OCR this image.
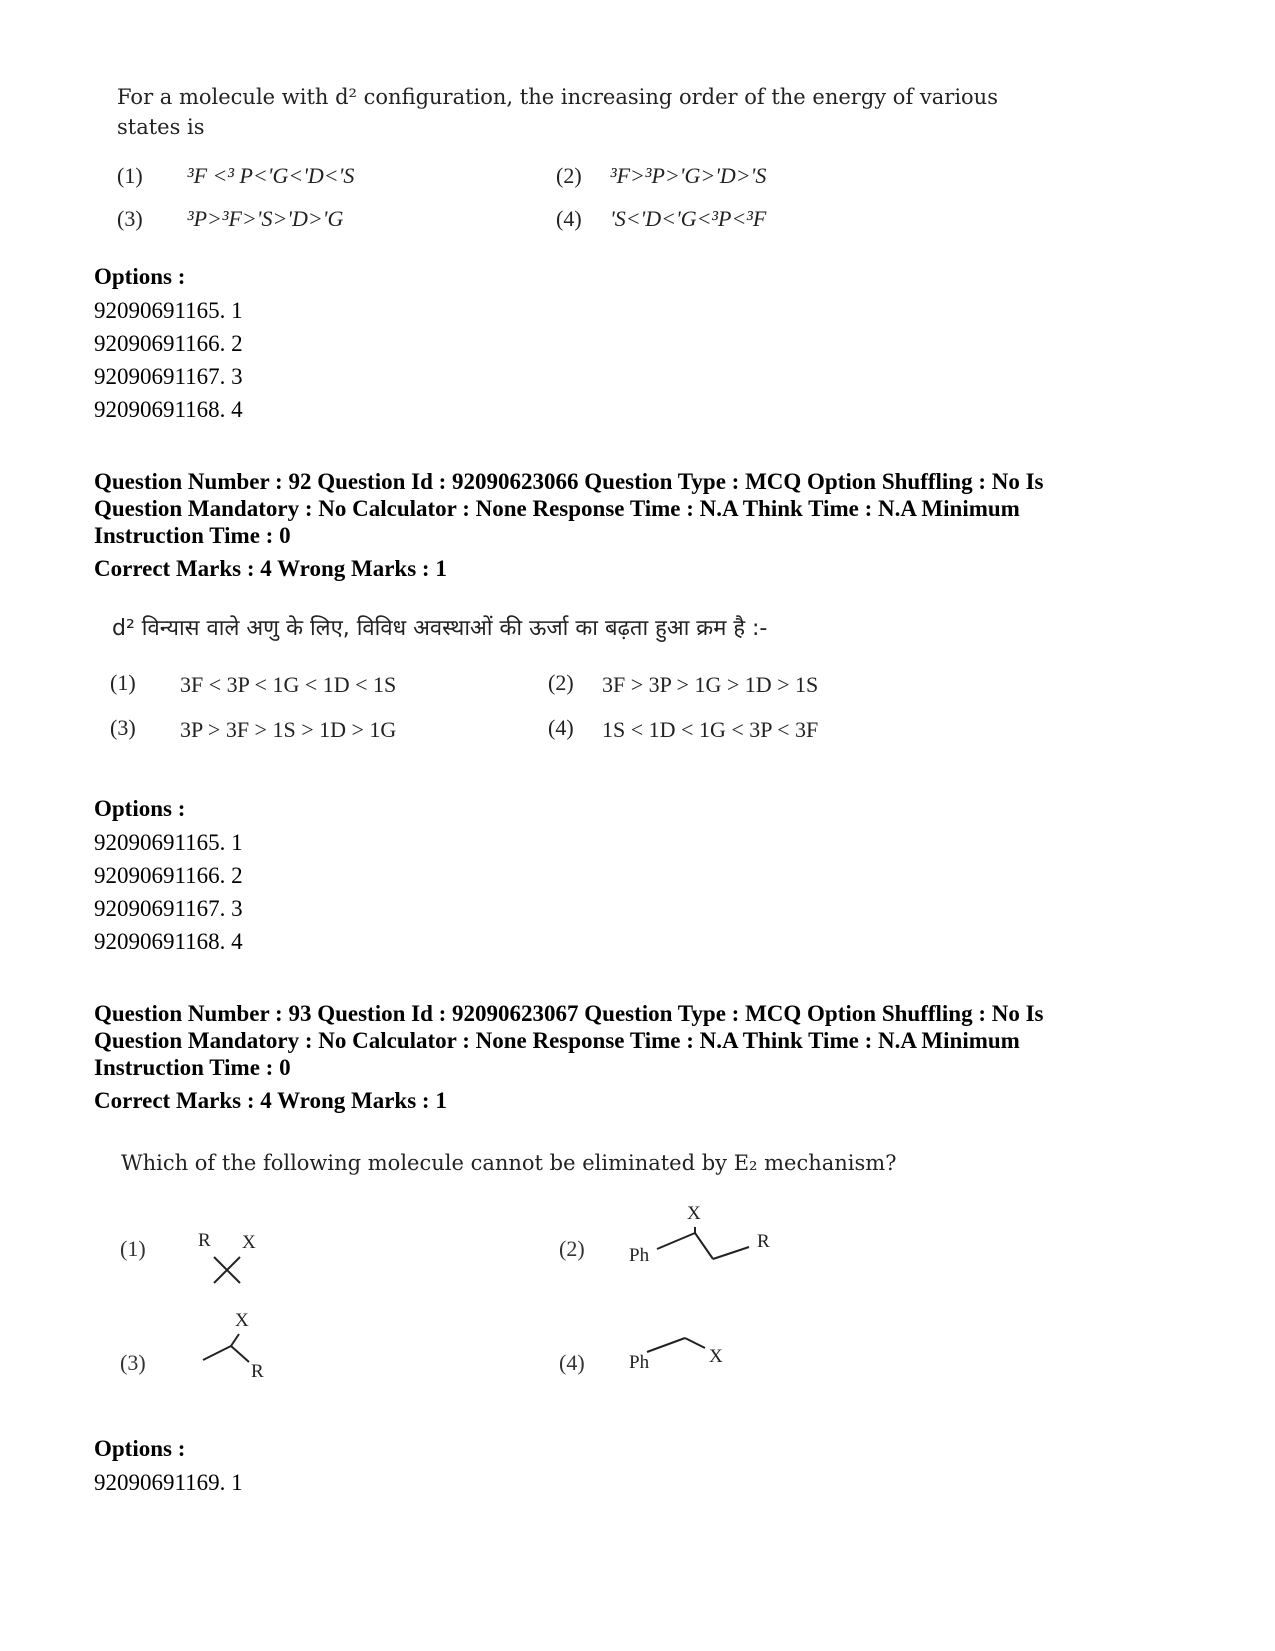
For a molecule with d² configuration, the increasing order of the energy of various
states is
(1) ³F <³ P<'G<'D<'S	(2) ³F>³P>'G>'D>'S
(3) ³P>³F>'S>'D>'G	(4) 'S<'D<'G<³P<³F
Options :
92090691165. 1
92090691166. 2
92090691167. 3
92090691168. 4
Question Number : 92 Question Id : 92090623066 Question Type : MCQ Option Shuffling : No Is
Question Mandatory : No Calculator : None Response Time : N.A Think Time : N.A Minimum
Instruction Time : 0
Correct Marks : 4 Wrong Marks : 1
d² विन्यास वाले अणु के लिए, विविध अवस्थाओं की ऊर्जा का बढ़ता हुआ क्रम है :-
(1) 3F < 3P < 1G < 1D < 1S	(2) 3F > 3P > 1G > 1D > 1S
(3) 3P > 3F > 1S > 1D > 1G	(4) 1S < 1D < 1G < 3P < 3F
Options :
92090691165. 1
92090691166. 2
92090691167. 3
92090691168. 4
Question Number : 93 Question Id : 92090623067 Question Type : MCQ Option Shuffling : No Is
Question Mandatory : No Calculator : None Response Time : N.A Think Time : N.A Minimum
Instruction Time : 0
Correct Marks : 4 Wrong Marks : 1
Which of the following molecule cannot be eliminated by E₂ mechanism?
(1)	R X	(2)
X
Ph
R
(3)
X
R	(4) Ph	X
Options :
92090691169. 1
